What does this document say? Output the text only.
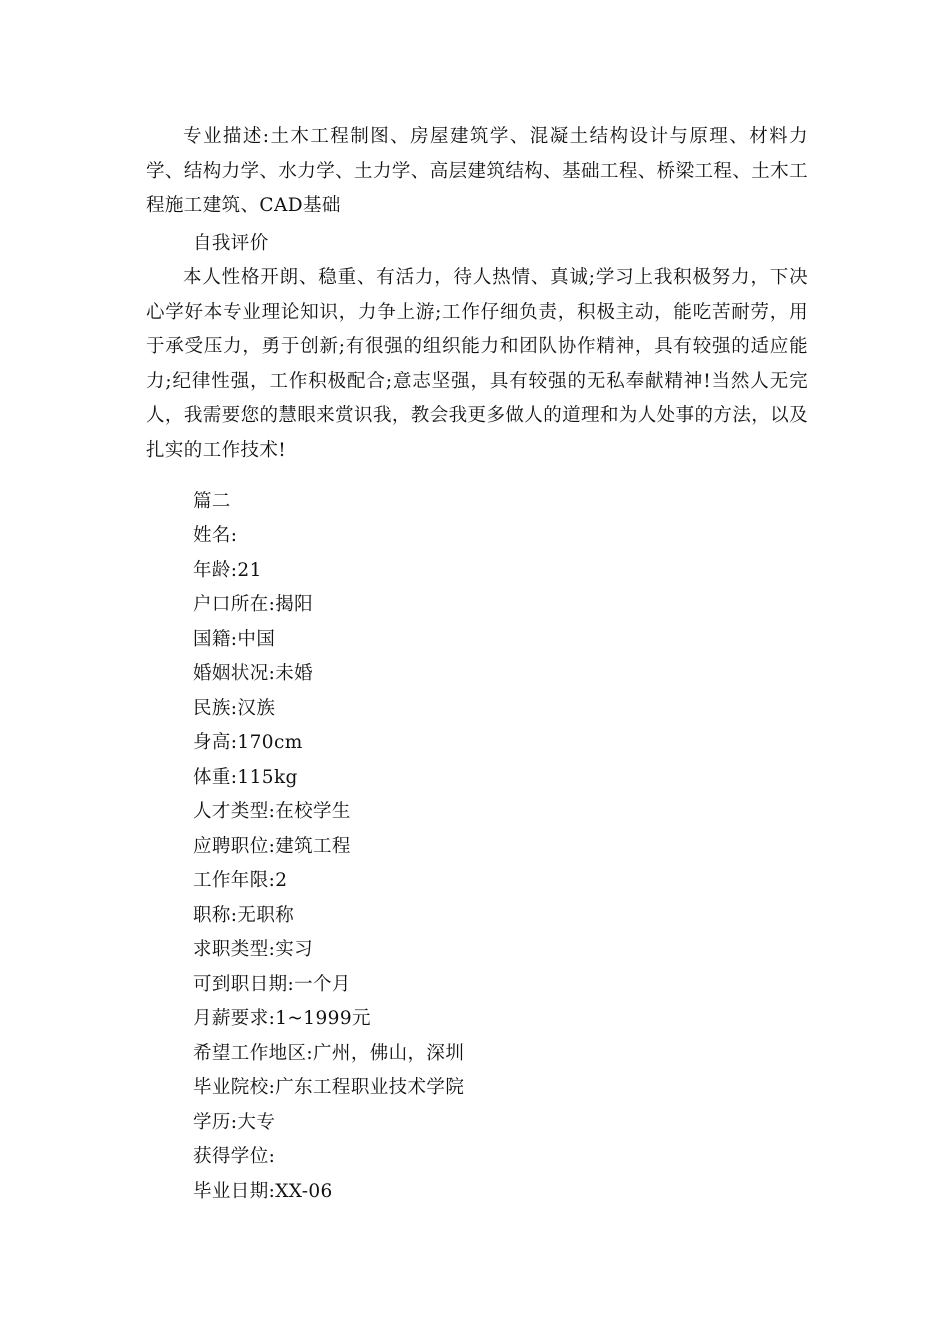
专业描述:土木工程制图、房屋建筑学、混凝土结构设计与原理、材料力学、结构力学、水力学、土力学、高层建筑结构、基础工程、桥梁工程、土木工程施工建筑、CAD基础

自我评价

本人性格开朗、稳重、有活力，待人热情、真诚;学习上我积极努力，下决心学好本专业理论知识，力争上游;工作仔细负责，积极主动，能吃苦耐劳，用于承受压力，勇于创新;有很强的组织能力和团队协作精神，具有较强的适应能力;纪律性强，工作积极配合;意志坚强，具有较强的无私奉献精神!当然人无完人，我需要您的慧眼来赏识我，教会我更多做人的道理和为人处事的方法，以及扎实的工作技术!

篇二
姓名:
年龄:21
户口所在:揭阳
国籍:中国
婚姻状况:未婚
民族:汉族
身高:170cm
体重:115kg
人才类型:在校学生
应聘职位:建筑工程
工作年限:2
职称:无职称
求职类型:实习
可到职日期:一个月
月薪要求:1~1999元
希望工作地区:广州，佛山，深圳
毕业院校:广东工程职业技术学院
学历:大专
获得学位:
毕业日期:XX-06
